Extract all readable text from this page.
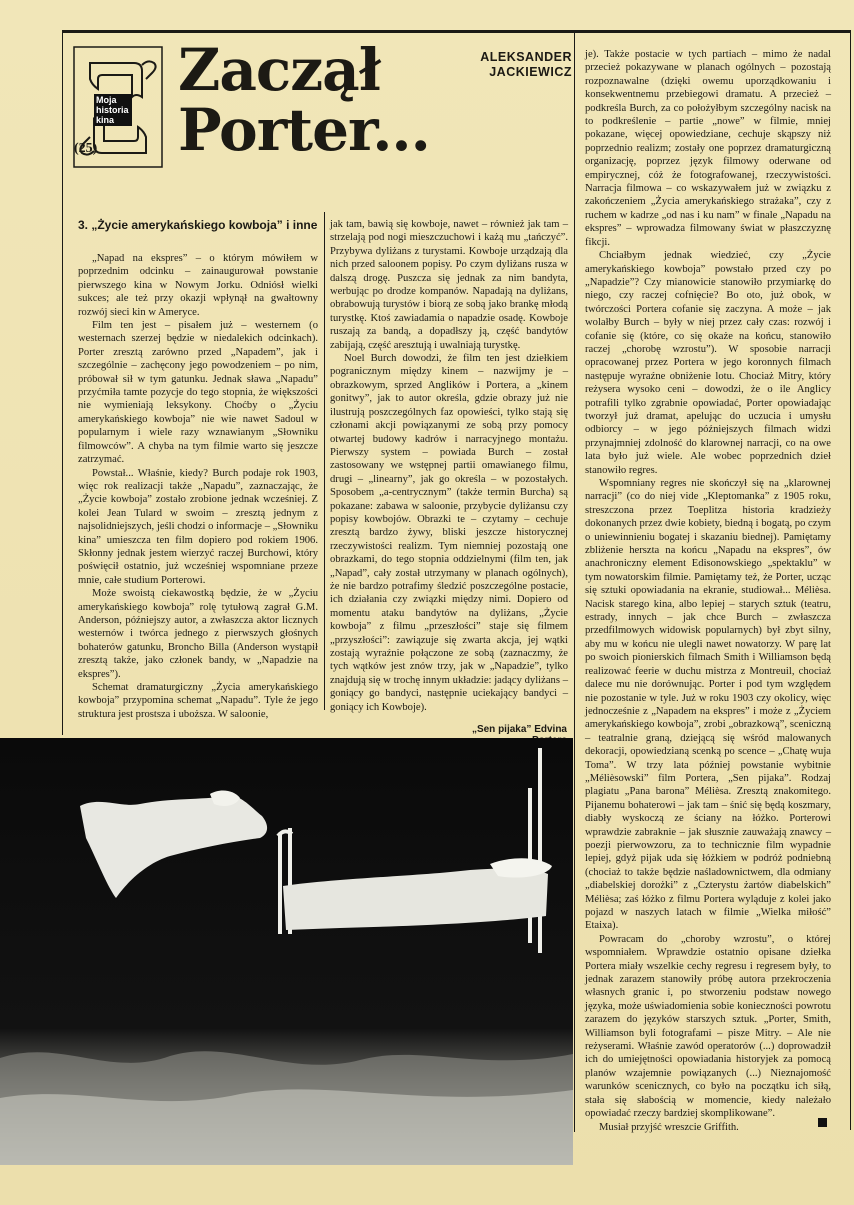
Moja historia kina
(25)
Zaczął
Porter...
ALEKSANDER
JACKIEWICZ
3. „Życie amerykańskiego kowboja” i inne

„Napad na ekspres” – o którym mówiłem w poprzednim odcinku – zainaugurował powstanie pierwszego kina w Nowym Jorku. Odniósł wielki sukces; ale też przy okazji wpłynął na gwałtowny rozwój sieci kin w Ameryce.

Film ten jest – pisałem już – westernem (o westernach szerzej będzie w niedalekich odcinkach). Porter zresztą zarówno przed „Napadem”, jak i szczególnie – zachęcony jego powodzeniem – po nim, próbował sił w tym gatunku. Jednak sława „Napadu” przyćmiła tamte pozycje do tego stopnia, że większości nie wymieniają leksykony. Choćby o „Życiu amerykańskiego kowboja” nie wie nawet Sadoul w popularnym i wiele razy wznawianym „Słowniku filmowców”. A chyba na tym filmie warto się jeszcze zatrzymać.

Powstał... Właśnie, kiedy? Burch podaje rok 1903, więc rok realizacji także „Napadu”, zaznaczając, że „Życie kowboja” zostało zrobione jednak wcześniej. Z kolei Jean Tulard w swoim – zresztą jednym z najsolidniejszych, jeśli chodzi o informacje – „Słowniku kina” umieszcza ten film dopiero pod rokiem 1906. Skłonny jednak jestem wierzyć raczej Burchowi, który poświęcił ostatnio, już wcześniej wspomniane przeze mnie, całe studium Porterowi.

Może swoistą ciekawostką będzie, że w „Życiu amerykańskiego kowboja” rolę tytułową zagrał G.M. Anderson, późniejszy autor, a zwłaszcza aktor licznych westernów i twórca jednego z pierwszych głośnych bohaterów gatunku, Broncho Billa (Anderson wystąpił zresztą także, jako członek bandy, w „Napadzie na ekspres”).

Schemat dramaturgiczny „Życia amerykańskiego kowboja” przypomina schemat „Napadu”. Tyle że jego struktura jest prostsza i uboższa. W saloonie,

jak tam, bawią się kowboje, nawet – również jak tam – strzelają pod nogi mieszczuchowi i każą mu „tańczyć”. Przybywa dyliżans z turystami. Kowboje urządzają dla nich przed saloonem popisy. Po czym dyliżans rusza w dalszą drogę. Puszcza się jednak za nim bandyta, werbując po drodze kompanów. Napadają na dyliżans, obrabowują turystów i biorą ze sobą jako brankę młodą turystkę. Ktoś zawiadamia o napadzie osadę. Kowboje ruszają za bandą, a dopadłszy ją, część bandytów zabijają, część aresztują i uwalniają turystkę.

Noel Burch dowodzi, że film ten jest dziełkiem pogranicznym między kinem – nazwijmy je – obrazkowym, sprzed Anglików i Portera, a „kinem gonitwy”, jak to autor określa, gdzie obrazy już nie ilustrują poszczególnych faz opowieści, tylko stają się członami akcji powiązanymi ze sobą przy pomocy otwartej budowy kadrów i narracyjnego montażu. Pierwszy system – powiada Burch – został zastosowany we wstępnej partii omawianego filmu, drugi – „linearny”, jak go określa – w pozostałych. Sposobem „a-centrycznym” (także termin Burcha) są pokazane: zabawa w saloonie, przybycie dyliżansu czy popisy kowbojów. Obrazki te – czytamy – cechuje zresztą bardzo żywy, bliski jeszcze historycznej rzeczywistości realizm. Tym niemniej pozostają one obrazkami, do tego stopnia oddzielnymi (film ten, jak „Napad”, cały został utrzymany w planach ogólnych), że nie bardzo potrafimy śledzić poszczególne postacie, ich działania czy związki między nimi. Dopiero od momentu ataku bandytów na dyliżans, „Życie kowboja” z filmu „przeszłości” staje się filmem „przyszłości”: zawiązuje się zwarta akcja, jej wątki zostają wyraźnie połączone ze sobą (zaznaczmy, że tych wątków jest znów trzy, jak w „Napadzie”, tylko znajdują się w trochę innym układzie: jadący dyliżans – goniący go bandyci, następnie uciekający bandyci – goniący ich Kowboje).

je). Także postacie w tych partiach – mimo że nadal przecież pokazywane w planach ogólnych – pozostają rozpoznawalne (dzięki owemu uporządkowaniu i konsekwentnemu przebiegowi dramatu. A przecież – podkreśla Burch, za co położyłbym szczególny nacisk na to podkreślenie – partie „nowe” w filmie, mniej pokazane, więcej opowiedziane, cechuje skąpszy niż poprzednio realizm; zostały one poprzez dramaturgiczną organizację, poprzez język filmowy oderwane od empirycznej, cóż że fotografowanej, rzeczywistości. Narracja filmowa – co wskazywałem już w związku z zakończeniem „Życia amerykańskiego strażaka”, czy z ruchem w kadrze „od nas i ku nam” w finale „Napadu na ekspres” – wprowadza filmowany świat w płaszczyznę fikcji.

Chciałbym jednak wiedzieć, czy „Życie amerykańskiego kowboja” powstało przed czy po „Napadzie”? Czy mianowicie stanowiło przymiarkę do niego, czy raczej cofnięcie? Bo oto, już obok, w twórczości Portera cofanie się zaczyna. A może – jak wolałby Burch – były w niej przez cały czas: rozwój i cofanie się (które, co się okaże na końcu, stanowiło raczej „chorobę wzrostu”). W sposobie narracji opracowanej przez Portera w jego koronnych filmach następuje wyraźne obniżenie lotu. Chociaż Mitry, który reżysera wysoko ceni – dowodzi, że o ile Anglicy potrafili tylko zgrabnie opowiadać, Porter opowiadając tworzył już dramat, apelując do uczucia i umysłu odbiorcy – w jego późniejszych filmach widzi przynajmniej zdolność do klarownej narracji, co na owe lata było już wiele. Ale wobec poprzednich dzieł stanowiło regres.

Wspomniany regres nie skończył się na „klarownej narracji” (co do niej vide „Kleptomanka” z 1905 roku, streszczona przez Toeplitza historia kradzieży dokonanych przez dwie kobiety, biedną i bogatą, po czym o uniewinnieniu bogatej i skazaniu biednej). Pamiętamy zbliżenie herszta na końcu „Napadu na ekspres”, ów anachroniczny element Edisonowskiego „spektaklu” w tym nowatorskim filmie. Pamiętamy też, że Porter, ucząc się sztuki opowiadania na ekranie, studiował... Mélièsa. Nacisk starego kina, albo lepiej – starych sztuk (teatru, estrady, innych – jak chce Burch – zwłaszcza przedfilmowych widowisk popularnych) był zbyt silny, aby mu w końcu nie ulegli nawet nowatorzy. W parę lat po swoich pionierskich filmach Smith i Williamson będą realizować feerie w duchu mistrza z Montreuil, chociaż dalece mu nie dorównując. Porter i pod tym względem nie pozostanie w tyle. Już w roku 1903 czy okolicy, więc jednocześnie z „Napadem na ekspres” i może z „Życiem amerykańskiego kowboja”, zrobi „obrazkową”, sceniczną – teatralnie graną, dziejącą się wśród malowanych dekoracji, opowiedzianą scenką po scence – „Chatę wuja Toma”. W trzy lata później powstanie wybitnie „Mélièsowski” film Portera, „Sen pijaka”. Rodzaj plagiatu „Pana barona” Mélièsa. Zresztą znakomitego. Pijanemu bohaterowi – jak tam – śnić się będą koszmary, diabły wyskoczą ze ściany na łóżko. Porterowi wprawdzie zabraknie – jak słusznie zauważają znawcy – poezji pierwowzoru, za to technicznie film wypadnie lepiej, gdyż pijak uda się łóżkiem w podróż podniebną (chociaż to także będzie naśladownictwem, dla odmiany „diabelskiej dorożki” z „Czterystu żartów diabelskich” Mélièsa; zaś łóżko z filmu Portera wyląduje z kolei jako pojazd w naszych latach w filmie „Wielka miłość” Etaixa).

Powracam do „choroby wzrostu”, o której wspomniałem. Wprawdzie ostatnio opisane dziełka Portera miały wszelkie cechy regresu i regresem były, to jednak zarazem stanowiły próbę autora przekroczenia własnych granic i, po stworzeniu podstaw nowego języka, może uświadomienia sobie konieczności powrotu zarazem do języków starszych sztuk. „Porter, Smith, Williamson byli fotografami – pisze Mitry. – Ale nie reżyserami. Właśnie zawód operatorów (...) doprowadził ich do umiejętności opowiadania historyjek za pomocą planów wzajemnie powiązanych (...) Nieznajomość warunków scenicznych, co było na początku ich siłą, stała się słabością w momencie, kiedy należało opowiadać rzeczy bardziej skomplikowane”.

Musiał przyjść wreszcie Griffith.

„Sen pijaka” Edvina
